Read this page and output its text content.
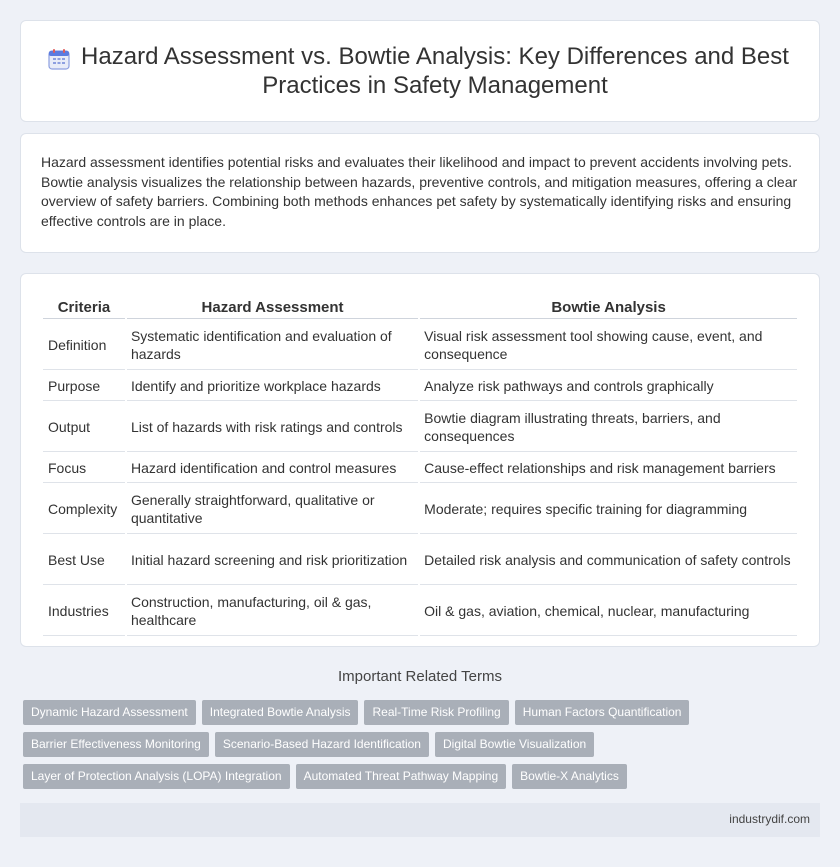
Hazard Assessment vs. Bowtie Analysis: Key Differences and Best Practices in Safety Management

Hazard assessment identifies potential risks and evaluates their likelihood and impact to prevent accidents involving pets. Bowtie analysis visualizes the relationship between hazards, preventive controls, and mitigation measures, offering a clear overview of safety barriers. Combining both methods enhances pet safety by systematically identifying risks and ensuring effective controls are in place.

Criteria	Hazard Assessment	Bowtie Analysis
Definition	Systematic identification and evaluation of hazards	Visual risk assessment tool showing cause, event, and consequence
Purpose	Identify and prioritize workplace hazards	Analyze risk pathways and controls graphically
Output	List of hazards with risk ratings and controls	Bowtie diagram illustrating threats, barriers, and consequences
Focus	Hazard identification and control measures	Cause-effect relationships and risk management barriers
Complexity	Generally straightforward, qualitative or quantitative	Moderate; requires specific training for diagramming
Best Use	Initial hazard screening and risk prioritization	Detailed risk analysis and communication of safety controls
Industries	Construction, manufacturing, oil & gas, healthcare	Oil & gas, aviation, chemical, nuclear, manufacturing
Important Related Terms
Dynamic Hazard Assessment Integrated Bowtie Analysis Real-Time Risk Profiling Human Factors Quantification
Barrier Effectiveness Monitoring Scenario-Based Hazard Identification Digital Bowtie Visualization
Layer of Protection Analysis (LOPA) Integration Automated Threat Pathway Mapping Bowtie-X Analytics
industrydif.com
